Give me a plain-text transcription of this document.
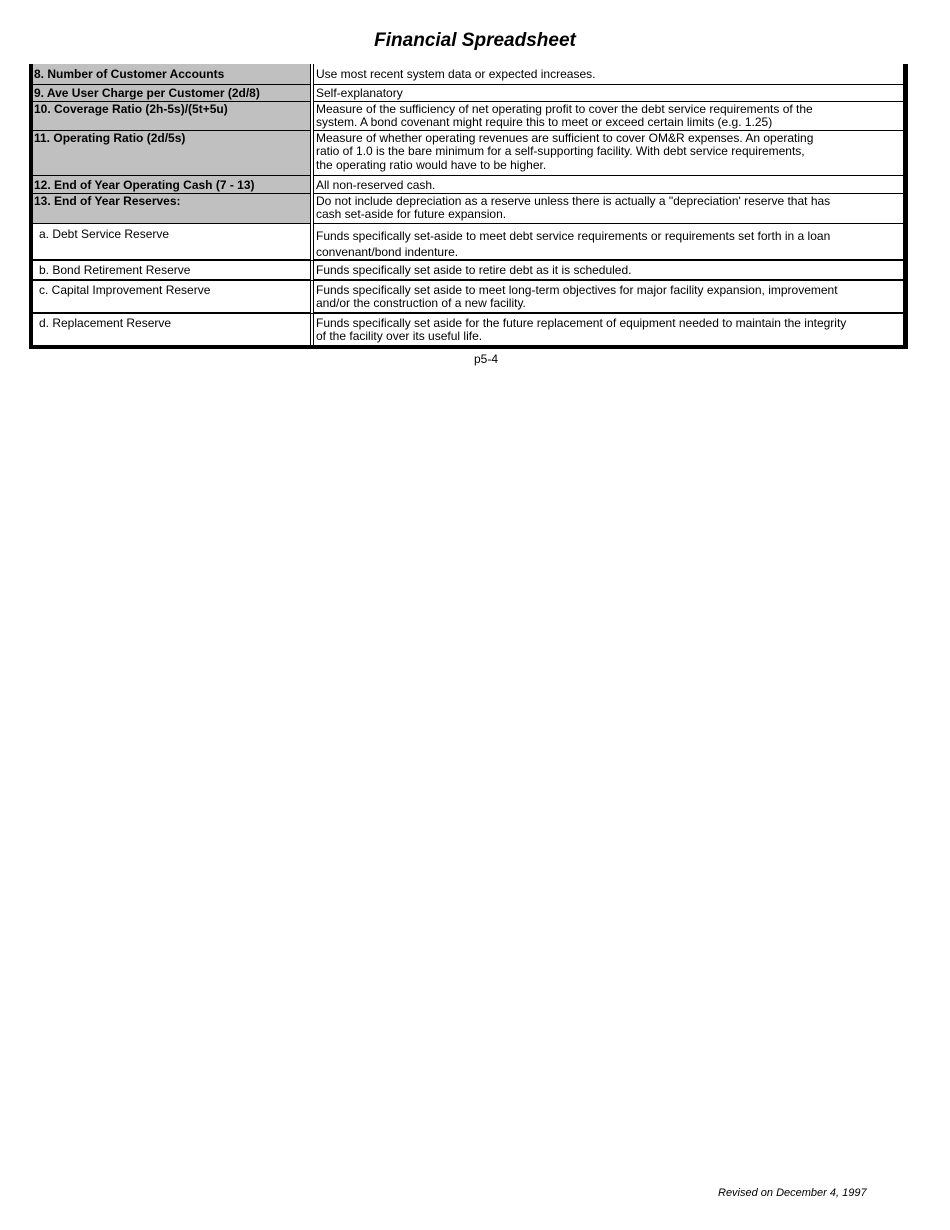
Financial Spreadsheet
8. Number of Customer Accounts	Use most recent system data or expected increases.
9. Ave User Charge per Customer (2d/8)	Self-explanatory
10. Coverage Ratio (2h-5s)/(5t+5u)	Measure of the sufficiency of net operating profit to cover the debt service requirements of the
system. A bond covenant might require this to meet or exceed certain limits (e.g. 1.25)
11. Operating Ratio (2d/5s)	Measure of whether operating revenues are sufficient to cover OM&R expenses. An operating
ratio of 1.0 is the bare minimum for a self-supporting facility. With debt service requirements,
the operating ratio would have to be higher.
12. End of Year Operating Cash (7 - 13)	All non-reserved cash.
13. End of Year Reserves:	Do not include depreciation as a reserve unless there is actually a "depreciation' reserve that has
cash set-aside for future expansion.
a. Debt Service Reserve	Funds specifically set-aside to meet debt service requirements or requirements set forth in a loan
convenant/bond indenture.
b. Bond Retirement Reserve	Funds specifically set aside to retire debt as it is scheduled.
c. Capital Improvement Reserve	Funds specifically set aside to meet long-term objectives for major facility expansion, improvement
and/or the construction of a new facility.
d. Replacement Reserve	Funds specifically set aside for the future replacement of equipment needed to maintain the integrity
of the facility over its useful life.
p5-4
Revised on December 4, 1997
